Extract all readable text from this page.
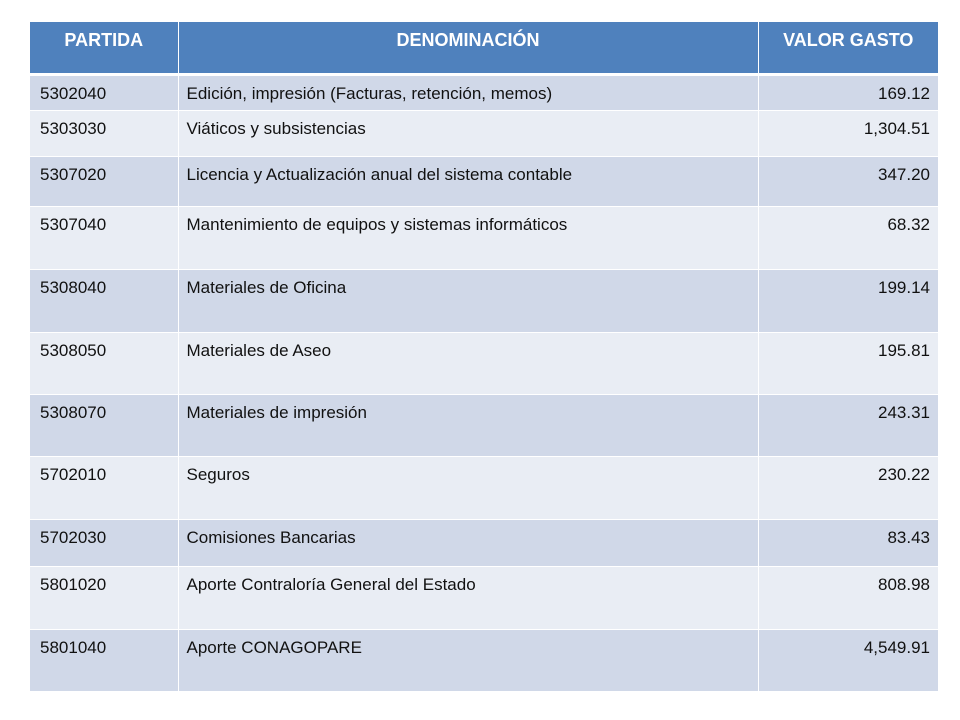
PARTIDA	DENOMINACIÓN	VALOR GASTO
5302040	Edición, impresión (Facturas, retención, memos)	169.12
5303030	Viáticos y subsistencias	1,304.51
5307020	Licencia y Actualización anual del sistema contable	347.20
5307040	Mantenimiento de equipos y sistemas informáticos	68.32
5308040	Materiales de Oficina	199.14
5308050	Materiales de Aseo	195.81
5308070	Materiales de impresión	243.31
5702010	Seguros	230.22
5702030	Comisiones Bancarias	83.43
5801020	Aporte Contraloría General del Estado	808.98
5801040	Aporte CONAGOPARE	4,549.91
